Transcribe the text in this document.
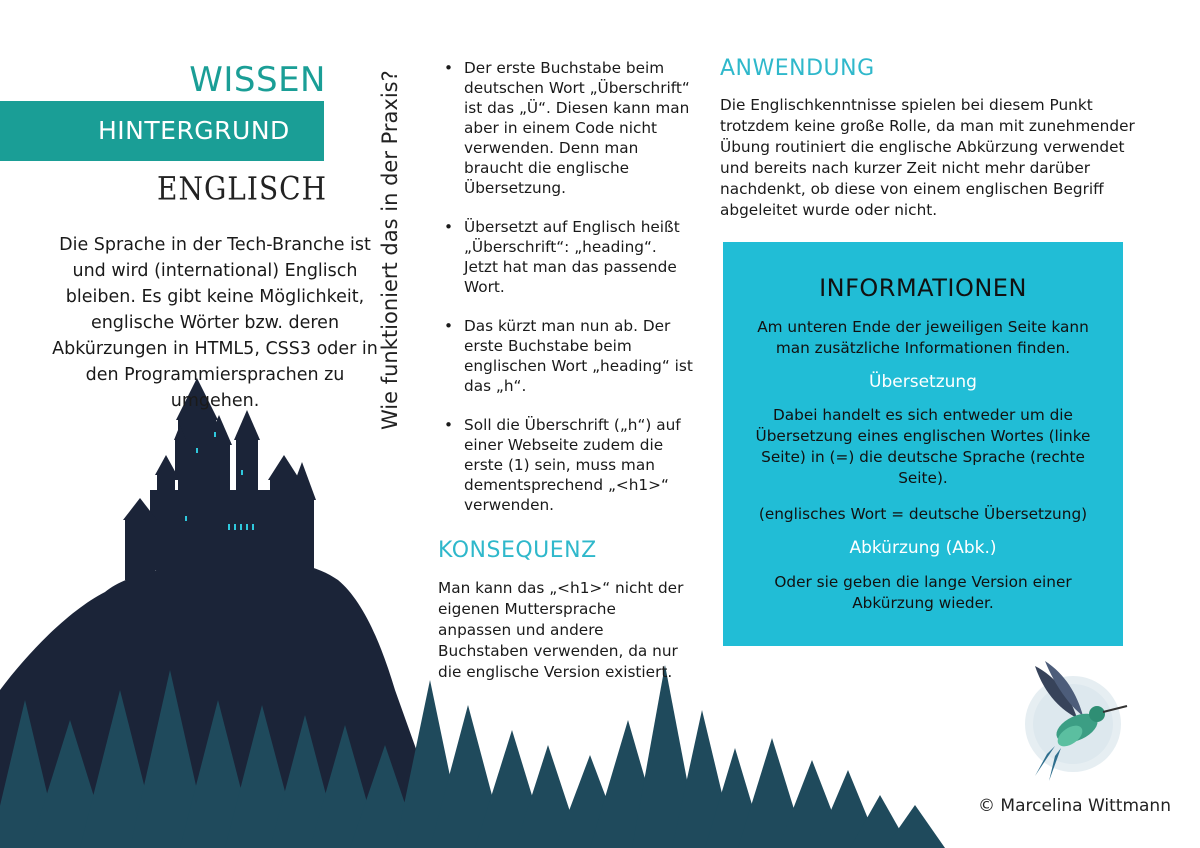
WISSEN
HINTERGRUND
ENGLISCH
Die Sprache in der Tech-Branche ist und wird (international) Englisch bleiben. Es gibt keine Möglichkeit, englische Wörter bzw. deren Abkürzungen in HTML5, CSS3 oder in den Programmiersprachen zu umgehen.	Wie funktioniert das in der Praxis?
• Der erste Buchstabe beim deutschen Wort „Überschrift“ ist das „Ü“. Diesen kann man aber in einem Code nicht verwenden. Denn man braucht die englische Übersetzung.
• Übersetzt auf Englisch heißt „Überschrift“: „heading“. Jetzt hat man das passende Wort.
• Das kürzt man nun ab. Der erste Buchstabe beim englischen Wort „heading“ ist das „h“.
• Soll die Überschrift („h“) auf einer Webseite zudem die erste (1) sein, muss man dementsprechend „<h1>“ verwenden.
KONSEQUENZ
Man kann das „<h1>“ nicht der eigenen Muttersprache anpassen und andere Buchstaben verwenden, da nur die englische Version existiert.
ANWENDUNG
Die Englischkenntnisse spielen bei diesem Punkt trotzdem keine große Rolle, da man mit zunehmender Übung routiniert die englische Abkürzung verwendet und bereits nach kurzer Zeit nicht mehr darüber nachdenkt, ob diese von einem englischen Begriff abgeleitet wurde oder nicht.
INFORMATIONEN
Am unteren Ende der jeweiligen Seite kann man zusätzliche Informationen finden.
Übersetzung
Dabei handelt es sich entweder um die Übersetzung eines englischen Wortes (linke Seite) in (=) die deutsche Sprache (rechte Seite).
(englisches Wort = deutsche Übersetzung)
Abkürzung (Abk.)
Oder sie geben die lange Version einer Abkürzung wieder.
© Marcelina Wittmann
